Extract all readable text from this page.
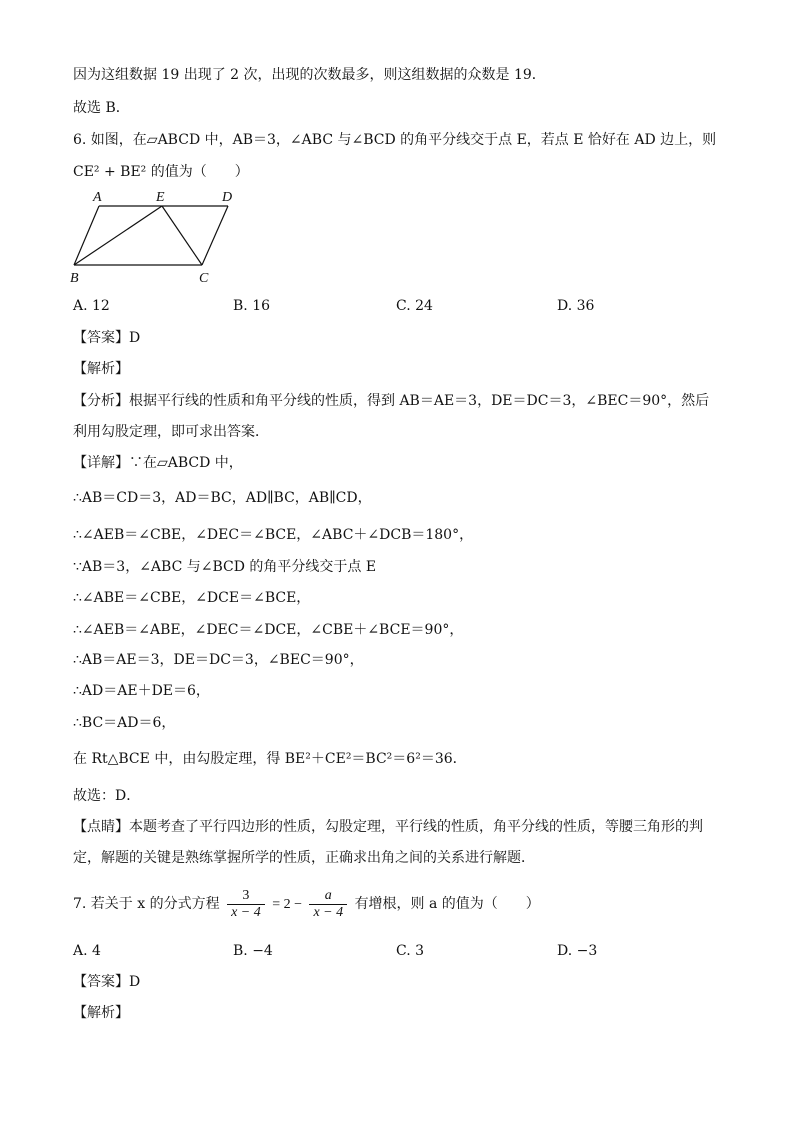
因为这组数据 19 出现了 2 次，出现的次数最多，则这组数据的众数是 19．
故选 B．
6. 如图，在▱ABCD 中，AB＝3，∠ABC 与∠BCD 的角平分线交于点 E，若点 E 恰好在 AD 边上，则
CE² + BE² 的值为（　　）
A	E	D
B	C
A. 12	B. 16	C. 24	D. 36
【答案】D
【解析】
【分析】根据平行线的性质和角平分线的性质，得到 AB＝AE＝3，DE＝DC＝3，∠BEC＝90°，然后
利用勾股定理，即可求出答案．
【详解】∵在▱ABCD 中，
∴AB＝CD＝3，AD＝BC，AD∥BC，AB∥CD，
∴∠AEB＝∠CBE，∠DEC＝∠BCE，∠ABC＋∠DCB＝180°，
∵AB＝3，∠ABC 与∠BCD 的角平分线交于点 E
∴∠ABE＝∠CBE，∠DCE＝∠BCE，
∴∠AEB＝∠ABE，∠DEC＝∠DCE，∠CBE＋∠BCE＝90°，
∴AB＝AE＝3，DE＝DC＝3，∠BEC＝90°，
∴AD＝AE＋DE＝6，
∴BC＝AD＝6，
在 Rt△BCE 中，由勾股定理，得 BE²＋CE²＝BC²＝6²＝36．
故选：D．
【点睛】本题考查了平行四边形的性质，勾股定理，平行线的性质，角平分线的性质，等腰三角形的判
定，解题的关键是熟练掌握所学的性质，正确求出角之间的关系进行解题．
7. 若关于 x 的分式方程 $\frac{3}{x - 4} = 2 - \frac{a}{x - 4}$ 有增根，则 a 的值为（　　）
A. 4	B. −4	C. 3	D. −3
【答案】D
【解析】
